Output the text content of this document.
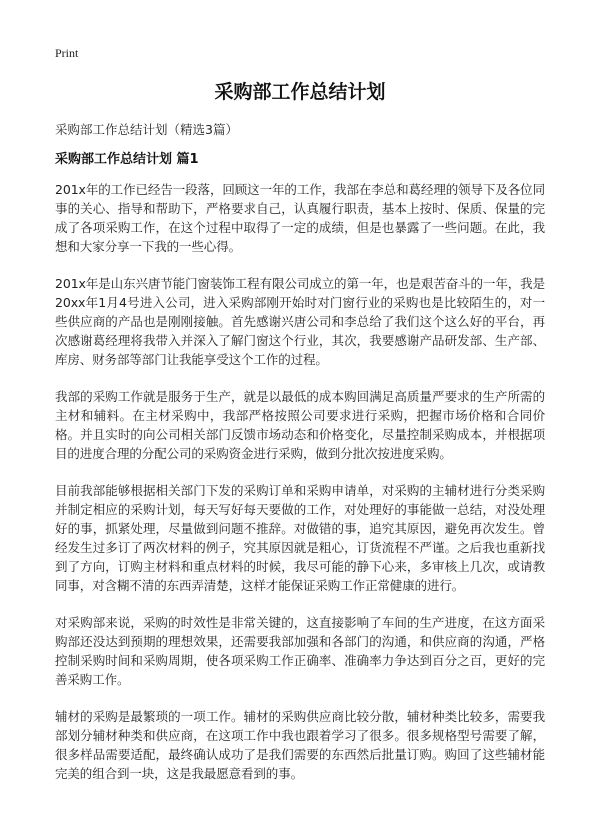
Print
采购部工作总结计划
采购部工作总结计划（精选3篇）
采购部工作总结计划 篇1

201x年的工作已经告一段落，回顾这一年的工作，我部在李总和葛经理的领导下及各位同事的关心、指导和帮助下，严格要求自己，认真履行职责，基本上按时、保质、保量的完成了各项采购工作，在这个过程中取得了一定的成绩，但是也暴露了一些问题。在此，我想和大家分享一下我的一些心得。

201x年是山东兴唐节能门窗装饰工程有限公司成立的第一年，也是艰苦奋斗的一年，我是20xx年1月4号进入公司，进入采购部刚开始时对门窗行业的采购也是比较陌生的，对一些供应商的产品也是刚刚接触。首先感谢兴唐公司和李总给了我们这个这么好的平台，再次感谢葛经理将我带入并深入了解门窗这个行业，其次，我要感谢产品研发部、生产部、库房、财务部等部门让我能享受这个工作的过程。

我部的采购工作就是服务于生产，就是以最低的成本购回满足高质量严要求的生产所需的主材和辅料。在主材采购中，我部严格按照公司要求进行采购，把握市场价格和合同价格。并且实时的向公司相关部门反馈市场动态和价格变化，尽量控制采购成本，并根据项目的进度合理的分配公司的采购资金进行采购，做到分批次按进度采购。

目前我部能够根据相关部门下发的采购订单和采购申请单，对采购的主辅材进行分类采购并制定相应的采购计划，每天写好每天要做的工作，对处理好的事能做一总结，对没处理好的事，抓紧处理，尽量做到问题不推辞。对做错的事，追究其原因，避免再次发生。曾经发生过多订了两次材料的例子，究其原因就是粗心，订货流程不严谨。之后我也重新找到了方向，订购主材料和重点材料的时候，我尽可能的静下心来，多审核上几次，或请教同事，对含糊不清的东西弄清楚，这样才能保证采购工作正常健康的进行。

对采购部来说，采购的时效性是非常关键的，这直接影响了车间的生产进度，在这方面采购部还没达到预期的理想效果，还需要我部加强和各部门的沟通，和供应商的沟通，严格控制采购时间和采购周期，使各项采购工作正确率、准确率力争达到百分之百，更好的完善采购工作。

辅材的采购是最繁琐的一项工作。辅材的采购供应商比较分散，辅材种类比较多，需要我部划分辅材种类和供应商，在这项工作中我也跟着学习了很多。很多规格型号需要了解，很多样品需要适配，最终确认成功了是我们需要的东西然后批量订购。购回了这些辅材能完美的组合到一块，这是我最愿意看到的事。
